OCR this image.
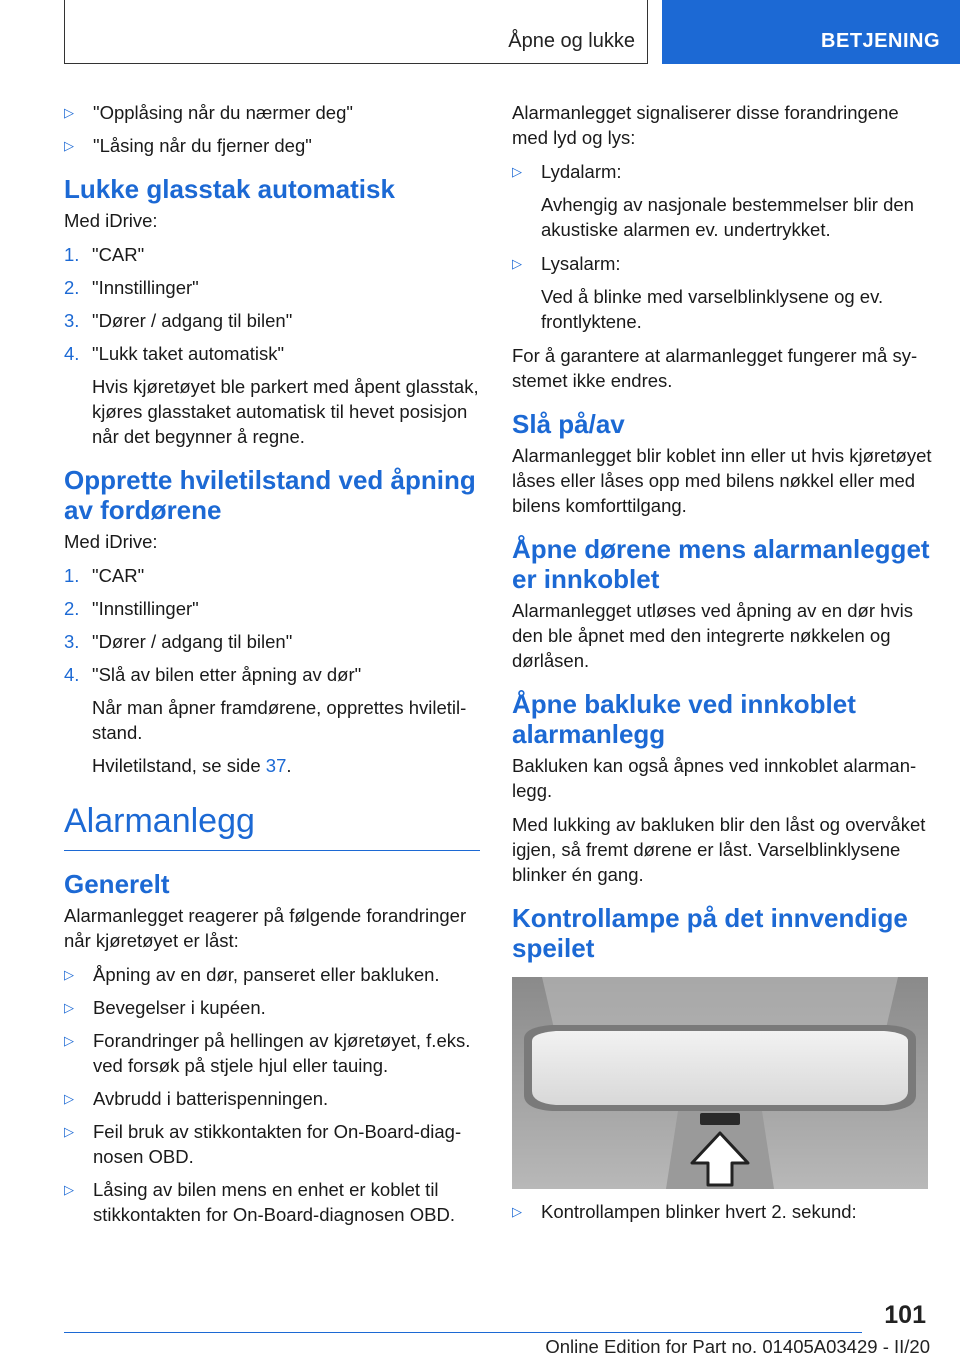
Åpne og lukke	BETJENING
▷	"Opplåsing når du nærmer deg"
▷	"Låsing når du fjerner deg"
Lukke glasstak automatisk

Med iDrive:

1. "CAR"
2. "Innstillinger"
3. "Dører / adgang til bilen"
4. "Lukk taket automatisk"
Hvis kjøretøyet ble parkert med åpent glasstak, kjøres glasstaket automatisk til hevet posisjon når det begynner å regne.
Opprette hviletilstand ved åpning av fordørene

Med iDrive:

1. "CAR"
2. "Innstillinger"
3. "Dører / adgang til bilen"
4. "Slå av bilen etter åpning av dør"
Når man åpner framdørene, opprettes hviletilstand.
Hviletilstand, se side 37.
Alarmanlegg
Generelt

Alarmanlegget reagerer på følgende forandringer når kjøretøyet er låst:

▷	Åpning av en dør, panseret eller bakluken.
▷	Bevegelser i kupéen.
▷	Forandringer på hellingen av kjøretøyet, f.eks. ved forsøk på stjele hjul eller tauing.
▷	Avbrudd i batterispenningen.
▷	Feil bruk av stikkontakten for On-Board-diagnosen OBD.
▷	Låsing av bilen mens en enhet er koblet til stikkontakten for On-Board-diagnosen OBD.

Alarmanlegget signaliserer disse forandringene med lyd og lys:

▷	Lydalarm:
Avhengig av nasjonale bestemmelser blir den akustiske alarmen ev. undertrykket.
▷	Lysalarm:
Ved å blinke med varselblinklysene og ev. frontlyktene.

For å garantere at alarmanlegget fungerer må systemet ikke endres.

Slå på/av

Alarmanlegget blir koblet inn eller ut hvis kjøretøyet låses eller låses opp med bilens nøkkel eller med bilens komforttilgang.

Åpne dørene mens alarmanlegget er innkoblet

Alarmanlegget utløses ved åpning av en dør hvis den ble åpnet med den integrerte nøkkelen og dørlåsen.

Åpne bakluke ved innkoblet alarmanlegg

Bakluken kan også åpnes ved innkoblet alarmanlegg.

Med lukking av bakluken blir den låst og overvåket igjen, så fremt dørene er låst. Varselblinklysene blinker én gang.

Kontrollampe på det innvendige speilet
▷	Kontrollampen blinker hvert 2. sekund:
101
Online Edition for Part no. 01405A03429 - II/20
